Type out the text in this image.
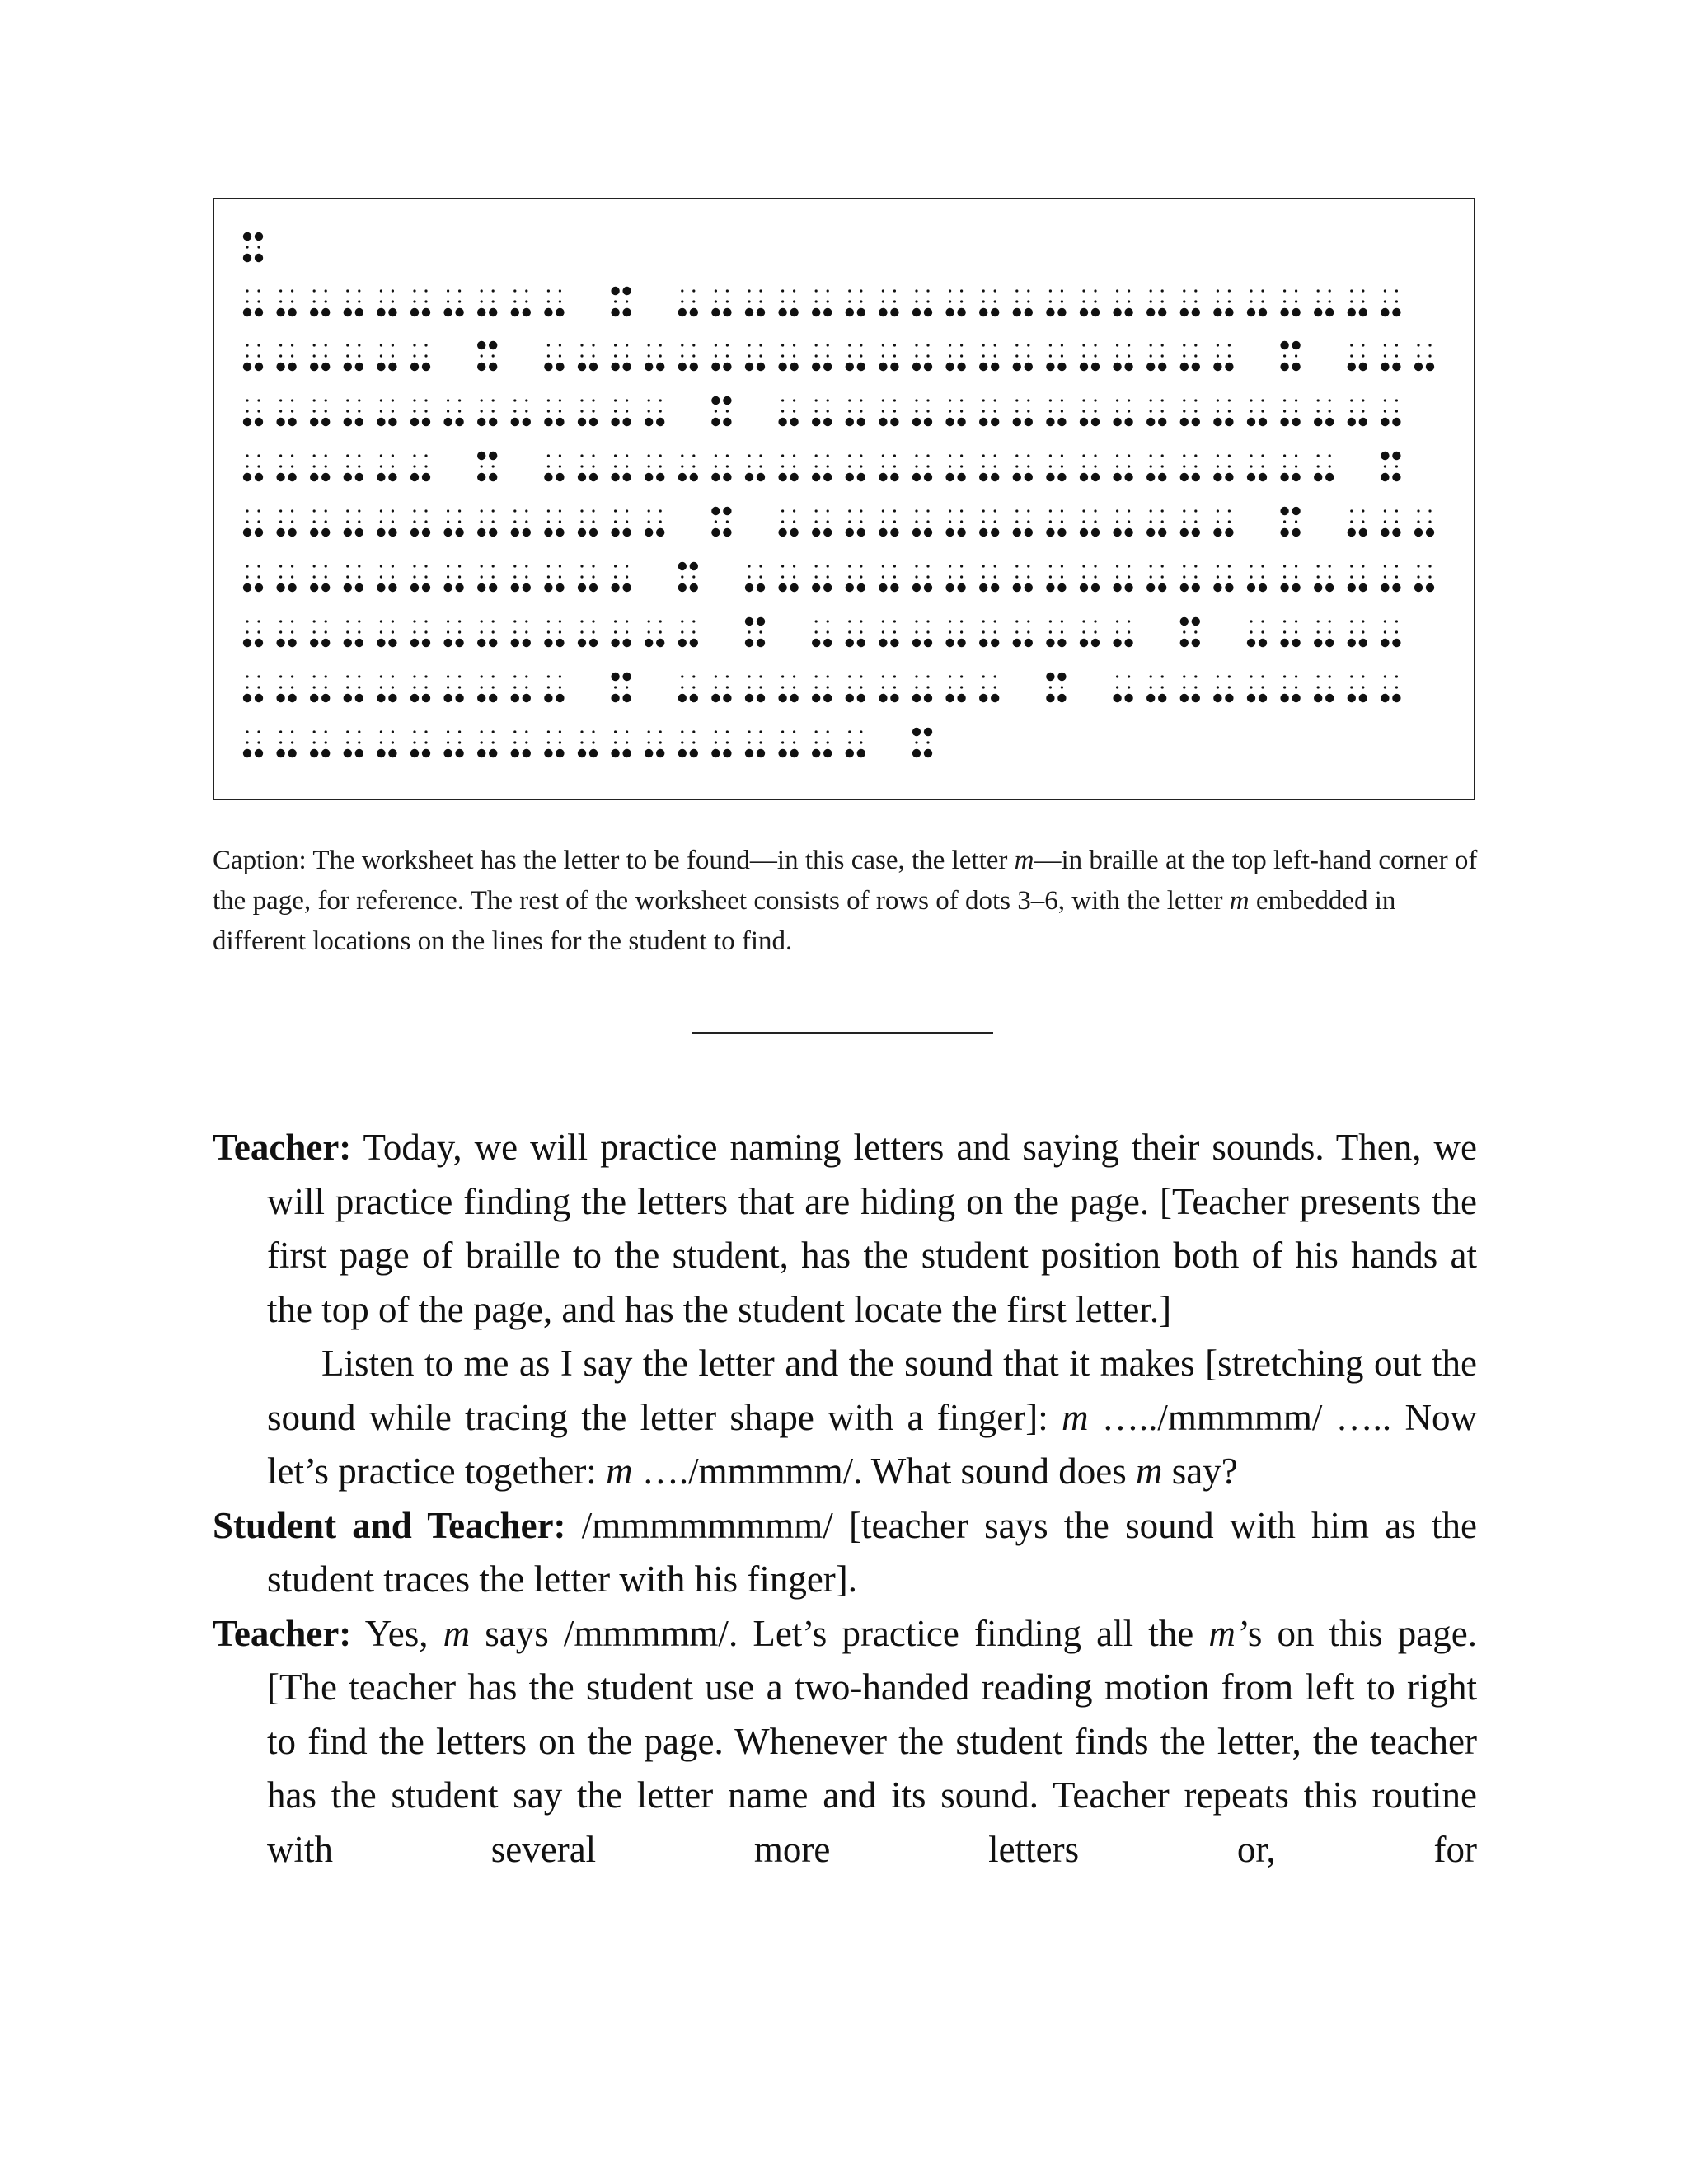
Caption: The worksheet has the letter to be found—in this case, the letter m—in braille at the top left-hand corner of the page, for reference. The rest of the worksheet consists of rows of dots 3–6, with the letter m embedded in different locations on the lines for the student to find.

Teacher: Today, we will practice naming letters and saying their sounds. Then, we will practice finding the letters that are hiding on the page. [Teacher presents the first page of braille to the student, has the student position both of his hands at the top of the page, and has the student locate the first letter.]

Listen to me as I say the letter and the sound that it makes [stretching out the sound while tracing the letter shape with a finger]: m …../mmmmm/ ….. Now let’s practice together: m …./mmmmm/. What sound does m say?

Student and Teacher: /mmmmmmmm/ [teacher says the sound with him as the student traces the letter with his finger].

Teacher: Yes, m says /mmmmm/. Let’s practice finding all the m’s on this page. [The teacher has the student use a two-handed reading motion from left to right to find the letters on the page. Whenever the student finds the letter, the teacher has the student say the letter name and its sound. Teacher repeats this routine with several more letters or, for
